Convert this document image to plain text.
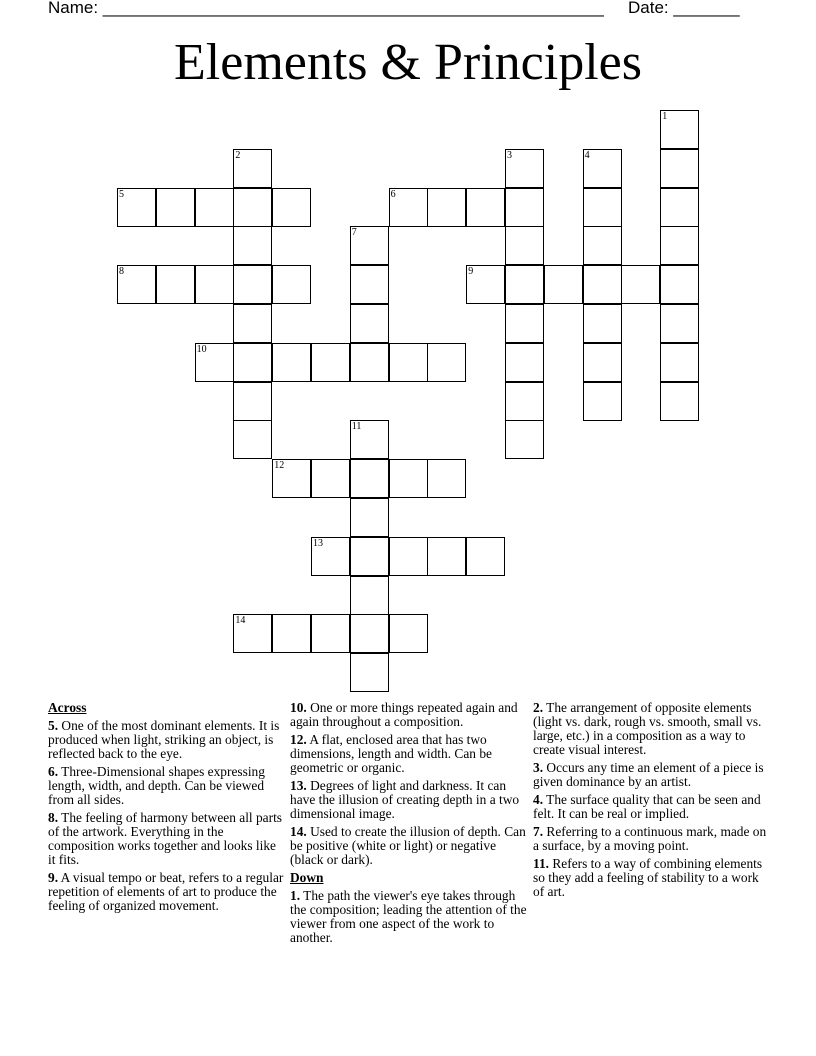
Name: _____________________________________________________ Date: _______
Elements & Principles
1
2	3	4
5	6
7
8	9
10
11
12
13
14

Across

5. One of the most dominant elements. It is produced when light, striking an object, is reflected back to the eye.

6. Three-Dimensional shapes expressing length, width, and depth. Can be viewed from all sides.

8. The feeling of harmony between all parts of the artwork. Everything in the composition works together and looks like it fits.

9. A visual tempo or beat, refers to a regular repetition of elements of art to produce the feeling of organized movement.

10. One or more things repeated again and again throughout a composition.

12. A flat, enclosed area that has two dimensions, length and width. Can be geometric or organic.

13. Degrees of light and darkness. It can have the illusion of creating depth in a two dimensional image.

14. Used to create the illusion of depth. Can be positive (white or light) or negative (black or dark).

Down

1. The path the viewer's eye takes through the composition; leading the attention of the viewer from one aspect of the work to another.

2. The arrangement of opposite elements (light vs. dark, rough vs. smooth, small vs. large, etc.) in a composition as a way to create visual interest.

3. Occurs any time an element of a piece is given dominance by an artist.

4. The surface quality that can be seen and felt. It can be real or implied.

7. Referring to a continuous mark, made on a surface, by a moving point.

11. Refers to a way of combining elements so they add a feeling of stability to a work of art.
